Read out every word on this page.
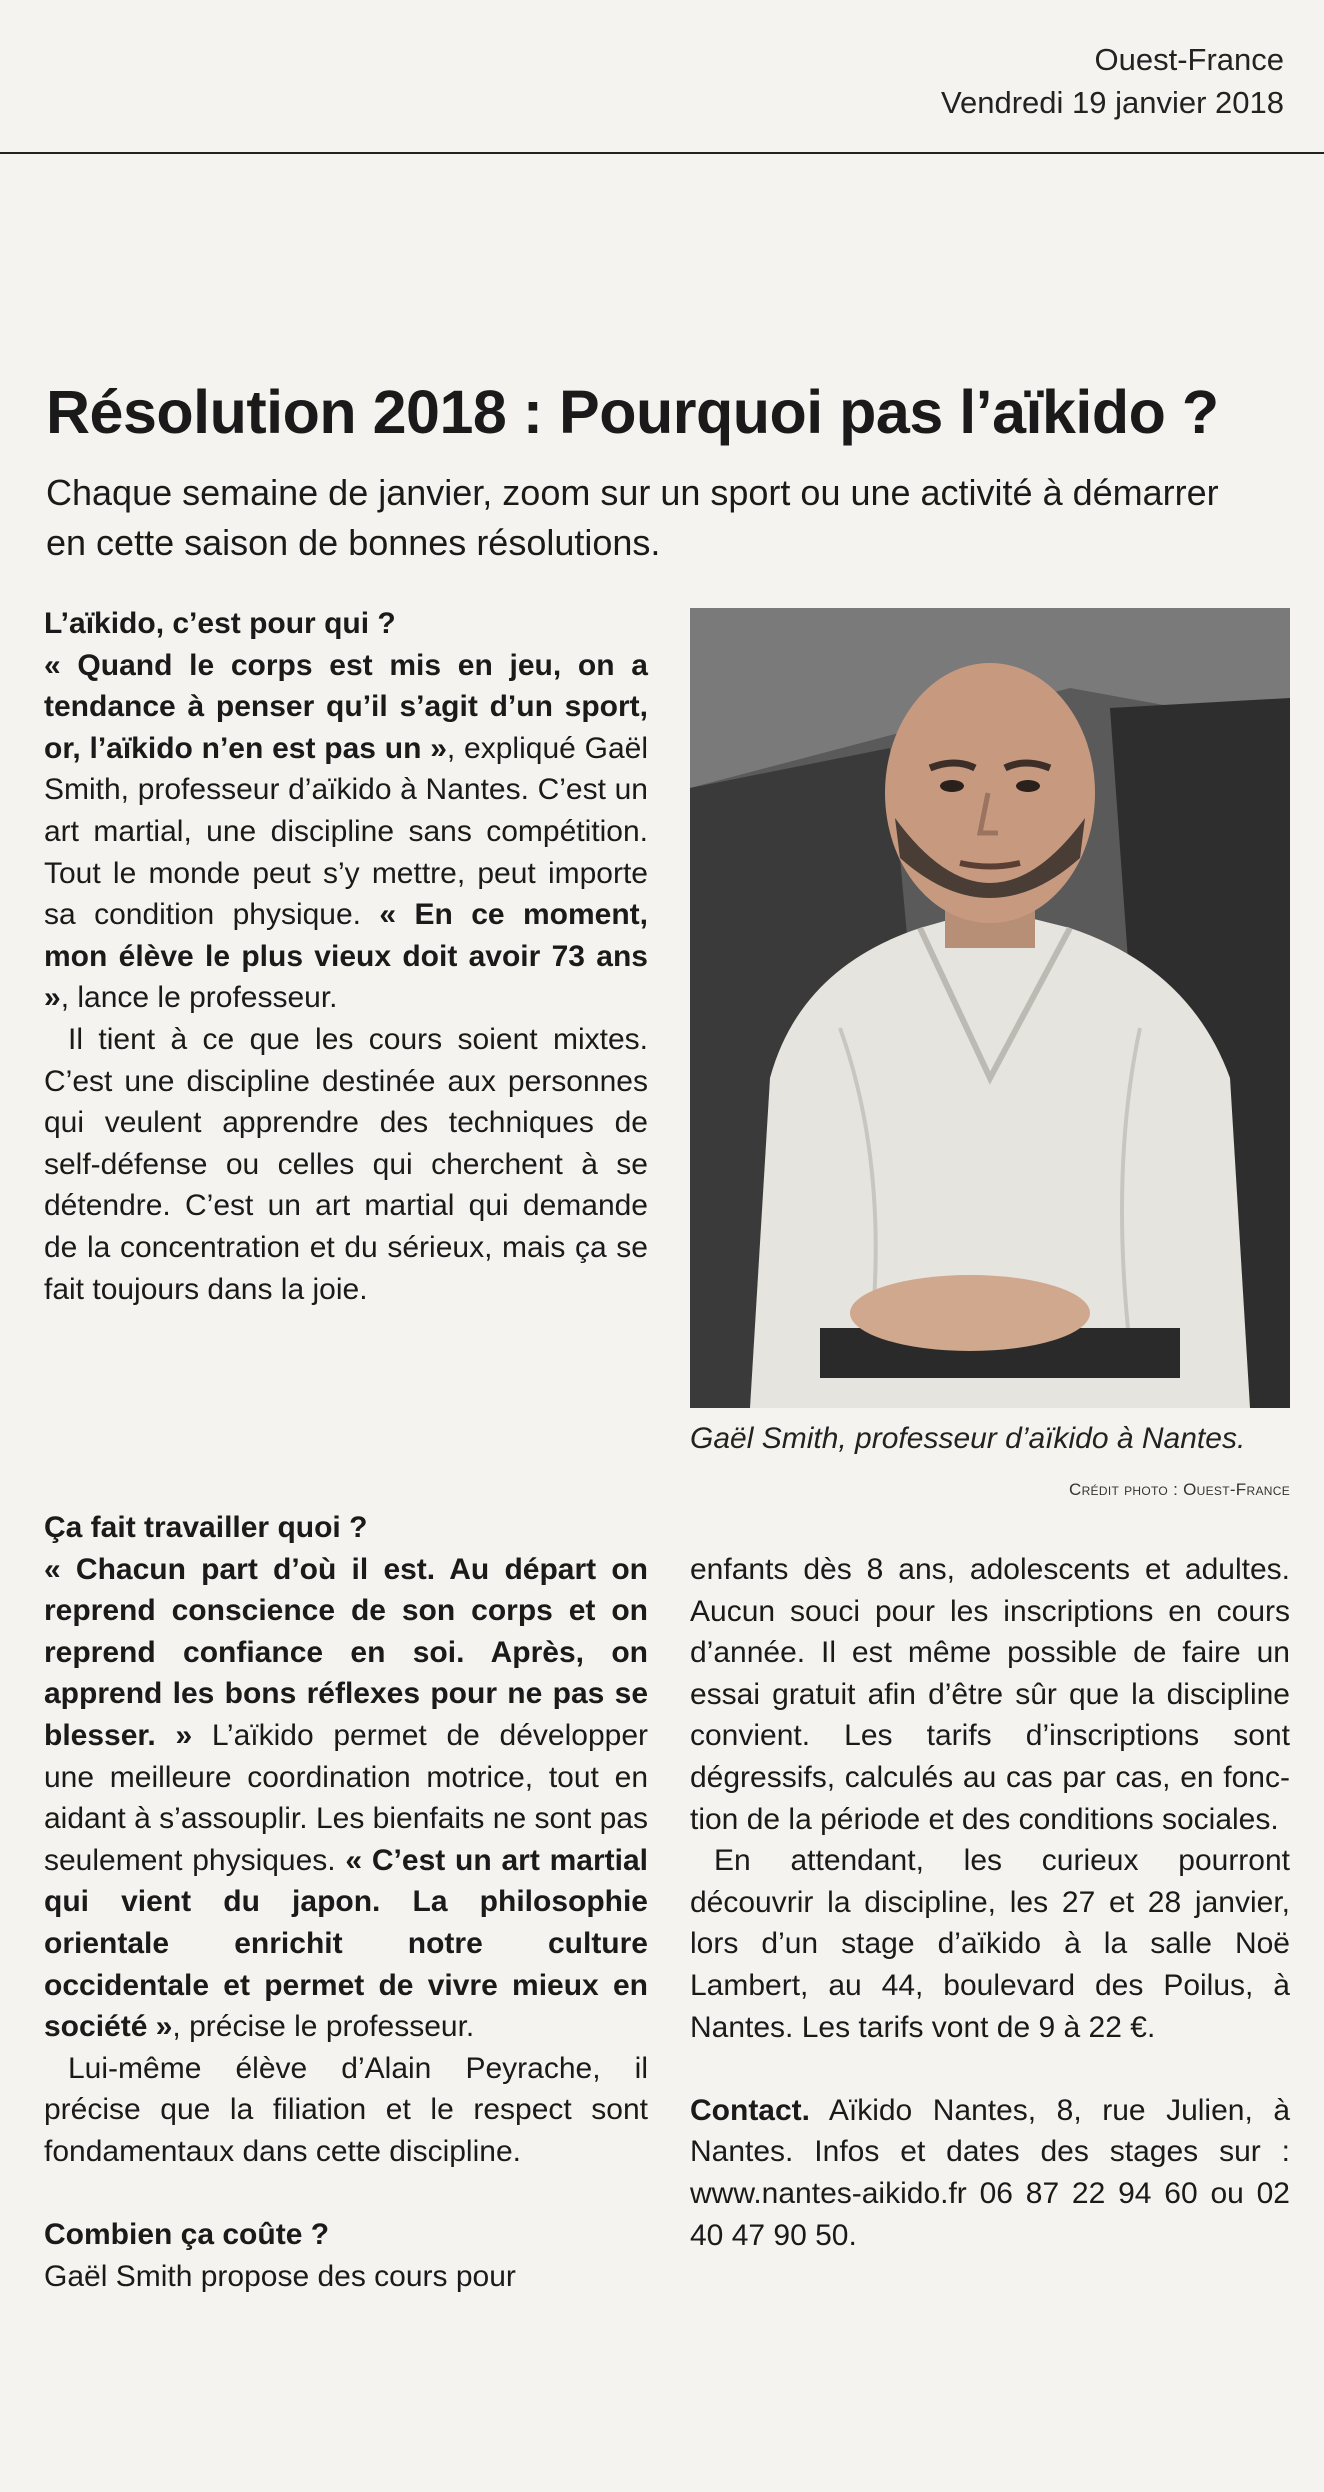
Ouest-France
Vendredi 19 janvier 2018
Résolution 2018 : Pourquoi pas l’aïkido ?

Chaque semaine de janvier, zoom sur un sport ou une activité à démarrer en cette saison de bonnes résolutions.

L’aïkido, c’est pour qui ?

« Quand le corps est mis en jeu, on a tendance à penser qu’il s’agit d’un sport, or, l’aïkido n’en est pas un », expliqué Gaël Smith, professeur d’aïkido à Nantes. C’est un art martial, une discipline sans compétition. Tout le monde peut s’y mettre, peut importe sa condition physique. « En ce moment, mon élève le plus vieux doit avoir 73 ans », lance le professeur.

Il tient à ce que les cours soient mixtes. C’est une discipline destinée aux personnes qui veulent apprendre des techniques de self-défense ou celles qui cherchent à se détendre. C’est un art martial qui demande de la concentration et du sérieux, mais ça se fait toujours dans la joie.

Ça fait travailler quoi ?

« Chacun part d’où il est. Au départ on reprend conscience de son corps et on reprend confiance en soi. Après, on apprend les bons réflexes pour ne pas se blesser. » L’aïkido permet de développer une meilleure coordination motrice, tout en aidant à s’assouplir. Les bienfaits ne sont pas seulement physiques. « C’est un art martial qui vient du japon. La philosophie orientale enrichit notre culture occidentale et permet de vivre mieux en société », précise le professeur.

Lui-même élève d’Alain Peyrache, il précise que la filiation et le respect sont fondamentaux dans cette discipline.

Combien ça coûte ?

Gaël Smith propose des cours pour

Gaël Smith, professeur d’aïkido à Nantes.
Crédit photo : Ouest-France

enfants dès 8 ans, adolescents et adultes. Aucun souci pour les inscriptions en cours d’année. Il est même possible de faire un essai gratuit afin d’être sûr que la discipline convient. Les tarifs d’inscriptions sont dégressifs, calculés au cas par cas, en fonction de la période et des conditions sociales.

En attendant, les curieux pourront découvrir la discipline, les 27 et 28 janvier, lors d’un stage d’aïkido à la salle Noë Lambert, au 44, boulevard des Poilus, à Nantes. Les tarifs vont de 9 à 22 €.

Contact. Aïkido Nantes, 8, rue Julien, à Nantes. Infos et dates des stages sur : www.nantes-aikido.fr 06 87 22 94 60 ou 02 40 47 90 50.
